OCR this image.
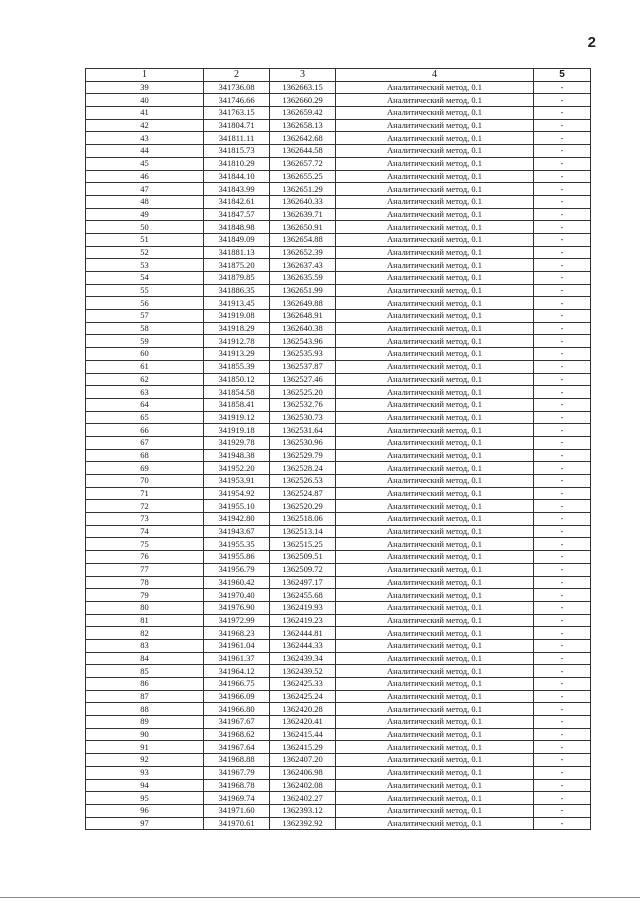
2
1	2	3	4	5
39	341736.08	1362663.15	Аналитический метод, 0.1	-
40	341746.66	1362660.29	Аналитический метод, 0.1	-
41	341763.15	1362659.42	Аналитический метод, 0.1	-
42	341804.71	1362658.13	Аналитический метод, 0.1	-
43	341811.11	1362642.68	Аналитический метод, 0.1	-
44	341815.73	1362644.58	Аналитический метод, 0.1	-
45	341810.29	1362657.72	Аналитический метод, 0.1	-
46	341844.10	1362655.25	Аналитический метод, 0.1	-
47	341843.99	1362651.29	Аналитический метод, 0.1	-
48	341842.61	1362640.33	Аналитический метод, 0.1	-
49	341847.57	1362639.71	Аналитический метод, 0.1	-
50	341848.98	1362650.91	Аналитический метод, 0.1	-
51	341849.09	1362654.88	Аналитический метод, 0.1	-
52	341881.13	1362652.39	Аналитический метод, 0.1	-
53	341875.20	1362637.43	Аналитический метод, 0.1	-
54	341879.85	1362635.59	Аналитический метод, 0.1	-
55	341886.35	1362651.99	Аналитический метод, 0.1	-
56	341913.45	1362649.88	Аналитический метод, 0.1	-
57	341919.08	1362648.91	Аналитический метод, 0.1	-
58	341918.29	1362640.38	Аналитический метод, 0.1	-
59	341912.78	1362543.96	Аналитический метод, 0.1	-
60	341913.29	1362535.93	Аналитический метод, 0.1	-
61	341855.39	1362537.87	Аналитический метод, 0.1	-
62	341850.12	1362527.46	Аналитический метод, 0.1	-
63	341854.58	1362525.20	Аналитический метод, 0.1	-
64	341858.41	1362532.76	Аналитический метод, 0.1	-
65	341919.12	1362530.73	Аналитический метод, 0.1	-
66	341919.18	1362531.64	Аналитический метод, 0.1	-
67	341929.78	1362530.96	Аналитический метод, 0.1	-
68	341948.38	1362529.79	Аналитический метод, 0.1	-
69	341952.20	1362528.24	Аналитический метод, 0.1	-
70	341953.91	1362526.53	Аналитический метод, 0.1	-
71	341954.92	1362524.87	Аналитический метод, 0.1	-
72	341955.10	1362520.29	Аналитический метод, 0.1	-
73	341942.80	1362518.06	Аналитический метод, 0.1	-
74	341943.67	1362513.14	Аналитический метод, 0.1	-
75	341955.35	1362515.25	Аналитический метод, 0.1	-
76	341955.86	1362509.51	Аналитический метод, 0.1	-
77	341956.79	1362509.72	Аналитический метод, 0.1	-
78	341960.42	1362497.17	Аналитический метод, 0.1	-
79	341970.40	1362455.68	Аналитический метод, 0.1	-
80	341976.90	1362419.93	Аналитический метод, 0.1	-
81	341972.99	1362419.23	Аналитический метод, 0.1	-
82	341968.23	1362444.81	Аналитический метод, 0.1	-
83	341961.04	1362444.33	Аналитический метод, 0.1	-
84	341961.37	1362439.34	Аналитический метод, 0.1	-
85	341964.12	1362439.52	Аналитический метод, 0.1	-
86	341966.75	1362425.33	Аналитический метод, 0.1	-
87	341966.09	1362425.24	Аналитический метод, 0.1	-
88	341966.80	1362420.28	Аналитический метод, 0.1	-
89	341967.67	1362420.41	Аналитический метод, 0.1	-
90	341968.62	1362415.44	Аналитический метод, 0.1	-
91	341967.64	1362415.29	Аналитический метод, 0.1	-
92	341968.88	1362407.20	Аналитический метод, 0.1	-
93	341967.79	1362406.98	Аналитический метод, 0.1	-
94	341968.78	1362402.08	Аналитический метод, 0.1	-
95	341969.74	1362402.27	Аналитический метод, 0.1	-
96	341971.60	1362393.12	Аналитический метод, 0.1	-
97	341970.61	1362392.92	Аналитический метод, 0.1	-
